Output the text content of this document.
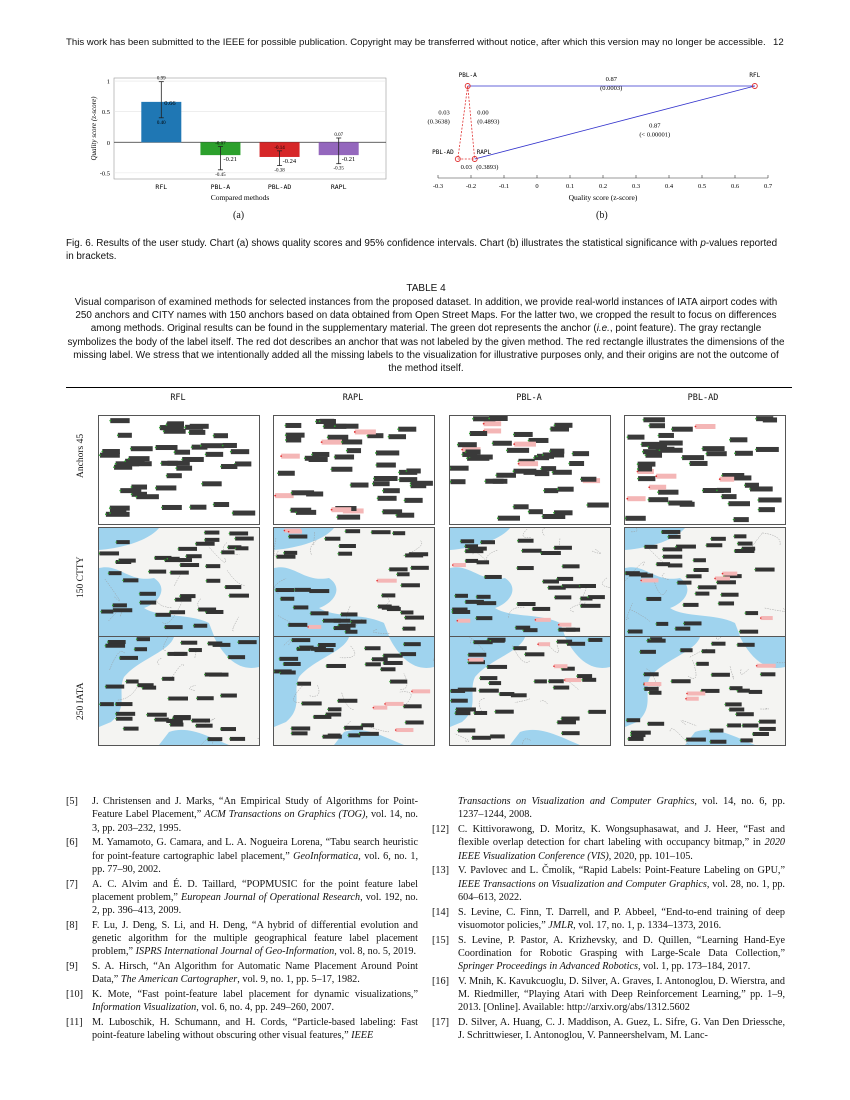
This work has been submitted to the IEEE for possible publication. Copyright may be transferred without notice, after which this version may no longer be accessible. 12
1
0.5
0
-0.5
0.99
0.40
0.66
RFL
-0.07
-0.45
-0.21
PBL-A
-0.14
-0.38
-0.24
PBL-AD
0.07
-0.35
-0.21
RAPL
Compared methods
Quality score (z-score)
(a)
-0.3	-0.2	-0.1	0	0.1	0.2	0.3	0.4	0.5	0.6	0.7
Quality score (z-score)
0.87
(0.0003)
0.87
(< 0.00001)
0.03
(0.3638)
0.00
(0.4893)
0.03
PBL-A	RFL
PBL-AD	RAPL
(0.3893)
(b)
Fig. 6. Results of the user study. Chart (a) shows quality scores and 95% confidence intervals. Chart (b) illustrates the statistical significance with p-values reported in brackets.
TABLE 4
Visual comparison of examined methods for selected instances from the proposed dataset. In addition, we provide real-world instances of IATA airport codes with 250 anchors and CITY names with 150 anchors based on data obtained from Open Street Maps. For the latter two, we cropped the result to focus on differences among methods. Original results can be found in the supplementary material. The green dot represents the anchor (i.e., point feature). The gray rectangle symbolizes the body of the label itself. The red dot describes an anchor that was not labeled by the given method. The red rectangle illustrates the dimensions of the missing label. We stress that we intentionally added all the missing labels to the visualization for illustrative purposes only, and their origins are not the outcome of the method itself.
RFL	RAPL	PBL-A	PBL-AD
Anchors 45
150 CTTY
250 IATA
[5]	J. Christensen and J. Marks, “An Empirical Study of Algorithms for Point-Feature Label Placement,” ACM Transactions on Graphics (TOG), vol. 14, no. 3, pp. 203–232, 1995.
[6]	M. Yamamoto, G. Camara, and L. A. Nogueira Lorena, “Tabu search heuristic for point-feature cartographic label placement,” GeoInformatica, vol. 6, no. 1, pp. 77–90, 2002.
[7]	A. C. Alvim and É. D. Taillard, “POPMUSIC for the point feature label placement problem,” European Journal of Operational Research, vol. 192, no. 2, pp. 396–413, 2009.
[8]	F. Lu, J. Deng, S. Li, and H. Deng, “A hybrid of differential evolution and genetic algorithm for the multiple geographical feature label placement problem,” ISPRS International Journal of Geo-Information, vol. 8, no. 5, 2019.
[9]	S. A. Hirsch, “An Algorithm for Automatic Name Placement Around Point Data,” The American Cartographer, vol. 9, no. 1, pp. 5–17, 1982.
[10] K. Mote, “Fast point-feature label placement for dynamic visualizations,” Information Visualization, vol. 6, no. 4, pp. 249–260, 2007.
[11] M. Luboschik, H. Schumann, and H. Cords, “Particle-based labeling: Fast point-feature labeling without obscuring other visual features,” IEEE
Transactions on Visualization and Computer Graphics, vol. 14, no. 6, pp. 1237–1244, 2008.
[12] C. Kittivorawong, D. Moritz, K. Wongsuphasawat, and J. Heer, “Fast and flexible overlap detection for chart labeling with occupancy bitmap,” in 2020 IEEE Visualization Conference (VIS), 2020, pp. 101–105.
[13] V. Pavlovec and L. Čmolík, “Rapid Labels: Point-Feature Labeling on GPU,” IEEE Transactions on Visualization and Computer Graphics, vol. 28, no. 1, pp. 604–613, 2022.
[14] S. Levine, C. Finn, T. Darrell, and P. Abbeel, “End-to-end training of deep visuomotor policies,” JMLR, vol. 17, no. 1, p. 1334–1373, 2016.
[15] S. Levine, P. Pastor, A. Krizhevsky, and D. Quillen, “Learning Hand-Eye Coordination for Robotic Grasping with Large-Scale Data Collection,” Springer Proceedings in Advanced Robotics, vol. 1, pp. 173–184, 2017.
[16] V. Mnih, K. Kavukcuoglu, D. Silver, A. Graves, I. Antonoglou, D. Wierstra, and M. Riedmiller, “Playing Atari with Deep Reinforcement Learning,” pp. 1–9, 2013. [Online]. Available: http://arxiv.org/abs/1312.5602
[17] D. Silver, A. Huang, C. J. Maddison, A. Guez, L. Sifre, G. Van Den Driessche, J. Schrittwieser, I. Antonoglou, V. Panneershelvam, M. Lanc-
